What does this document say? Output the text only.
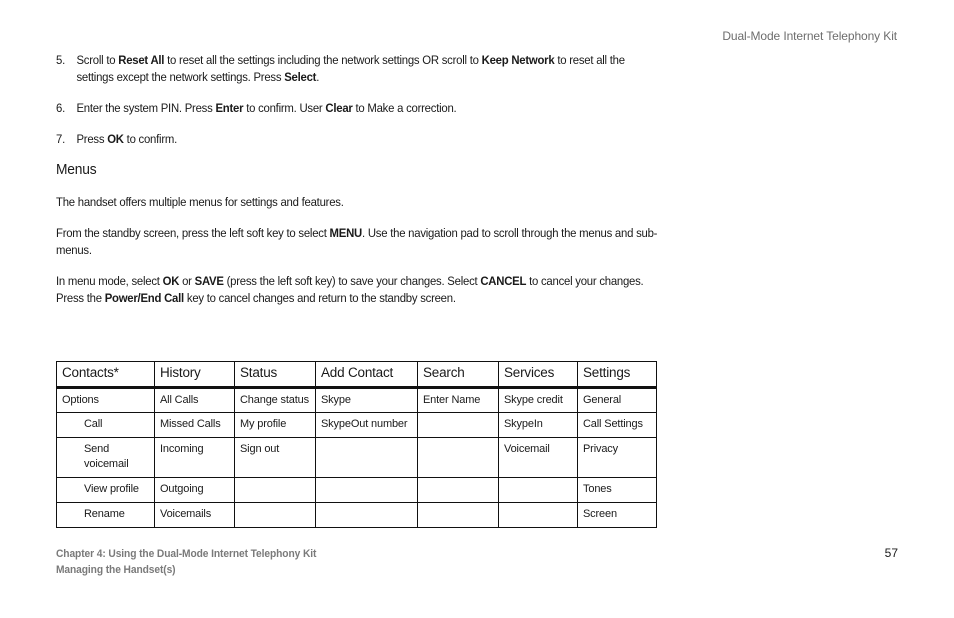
Dual-Mode Internet Telephony Kit
5. Scroll to Reset All to reset all the settings including the network settings OR scroll to Keep Network to reset all the settings except the network settings. Press Select.
6. Enter the system PIN. Press Enter to confirm. User Clear to Make a correction.
7. Press OK to confirm.
Menus
The handset offers multiple menus for settings and features.
From the standby screen, press the left soft key to select MENU. Use the navigation pad to scroll through the menus and sub-menus.
In menu mode, select OK or SAVE (press the left soft key) to save your changes. Select CANCEL to cancel your changes. Press the Power/End Call key to cancel changes and return to the standby screen.
Contacts*	History	Status	Add Contact	Search	Services	Settings
Options	All Calls	Change status	Skype	Enter Name	Skype credit	General
Call	Missed Calls	My profile	SkypeOut number		SkypeIn	Call Settings
Send voicemail	Incoming	Sign out			Voicemail	Privacy
View profile	Outgoing					Tones
Rename	Voicemails					Screen
Chapter 4: Using the Dual-Mode Internet Telephony Kit
Managing the Handset(s)
57
